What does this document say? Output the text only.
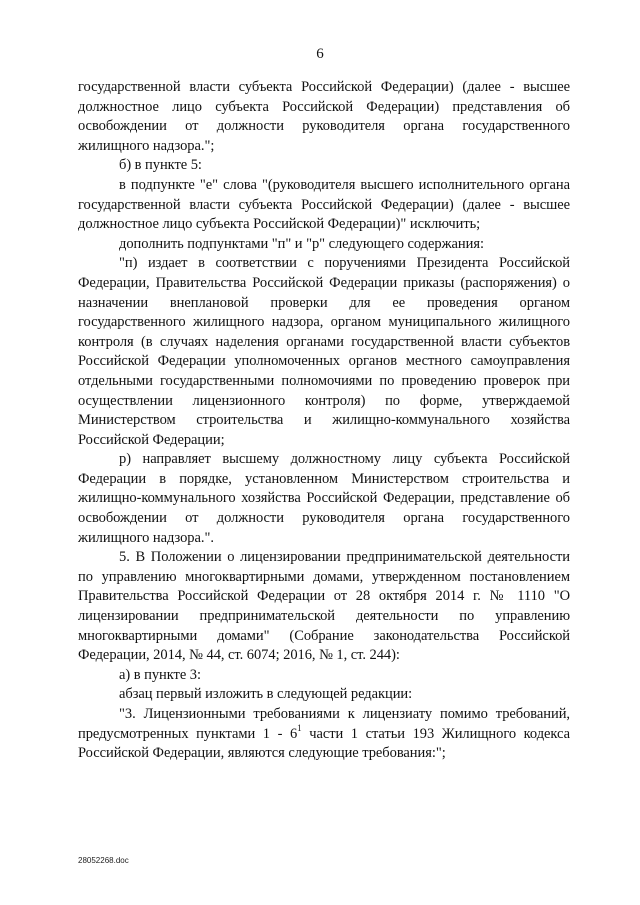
6

государственной власти субъекта Российской Федерации) (далее - высшее должностное лицо субъекта Российской Федерации) представления об освобождении от должности руководителя органа государственного жилищного надзора.";

б) в пункте 5:

в подпункте "е" слова "(руководителя высшего исполнительного органа государственной власти субъекта Российской Федерации) (далее - высшее должностное лицо субъекта Российской Федерации)" исключить;

дополнить подпунктами "п" и "р" следующего содержания:

"п) издает в соответствии с поручениями Президента Российской Федерации, Правительства Российской Федерации приказы (распоряжения) о назначении внеплановой проверки для ее проведения органом государственного жилищного надзора, органом муниципального жилищного контроля (в случаях наделения органами государственной власти субъектов Российской Федерации уполномоченных органов местного самоуправления отдельными государственными полномочиями по проведению проверок при осуществлении лицензионного контроля) по форме, утверждаемой Министерством строительства и жилищно-коммунального хозяйства Российской Федерации;

р) направляет высшему должностному лицу субъекта Российской Федерации в порядке, установленном Министерством строительства и жилищно-коммунального хозяйства Российской Федерации, представление об освобождении от должности руководителя органа государственного жилищного надзора.".

5. В Положении о лицензировании предпринимательской деятельности по управлению многоквартирными домами, утвержденном постановлением Правительства Российской Федерации от 28 октября 2014 г. № 1110 "О лицензировании предпринимательской деятельности по управлению многоквартирными домами" (Собрание законодательства Российской Федерации, 2014, № 44, ст. 6074; 2016, № 1, ст. 244):

а) в пункте 3:

абзац первый изложить в следующей редакции:

"3. Лицензионными требованиями к лицензиату помимо требований, предусмотренных пунктами $1 - 6^1$ части 1 статьи 193 Жилищного кодекса Российской Федерации, являются следующие требования:";

28052268.doc
